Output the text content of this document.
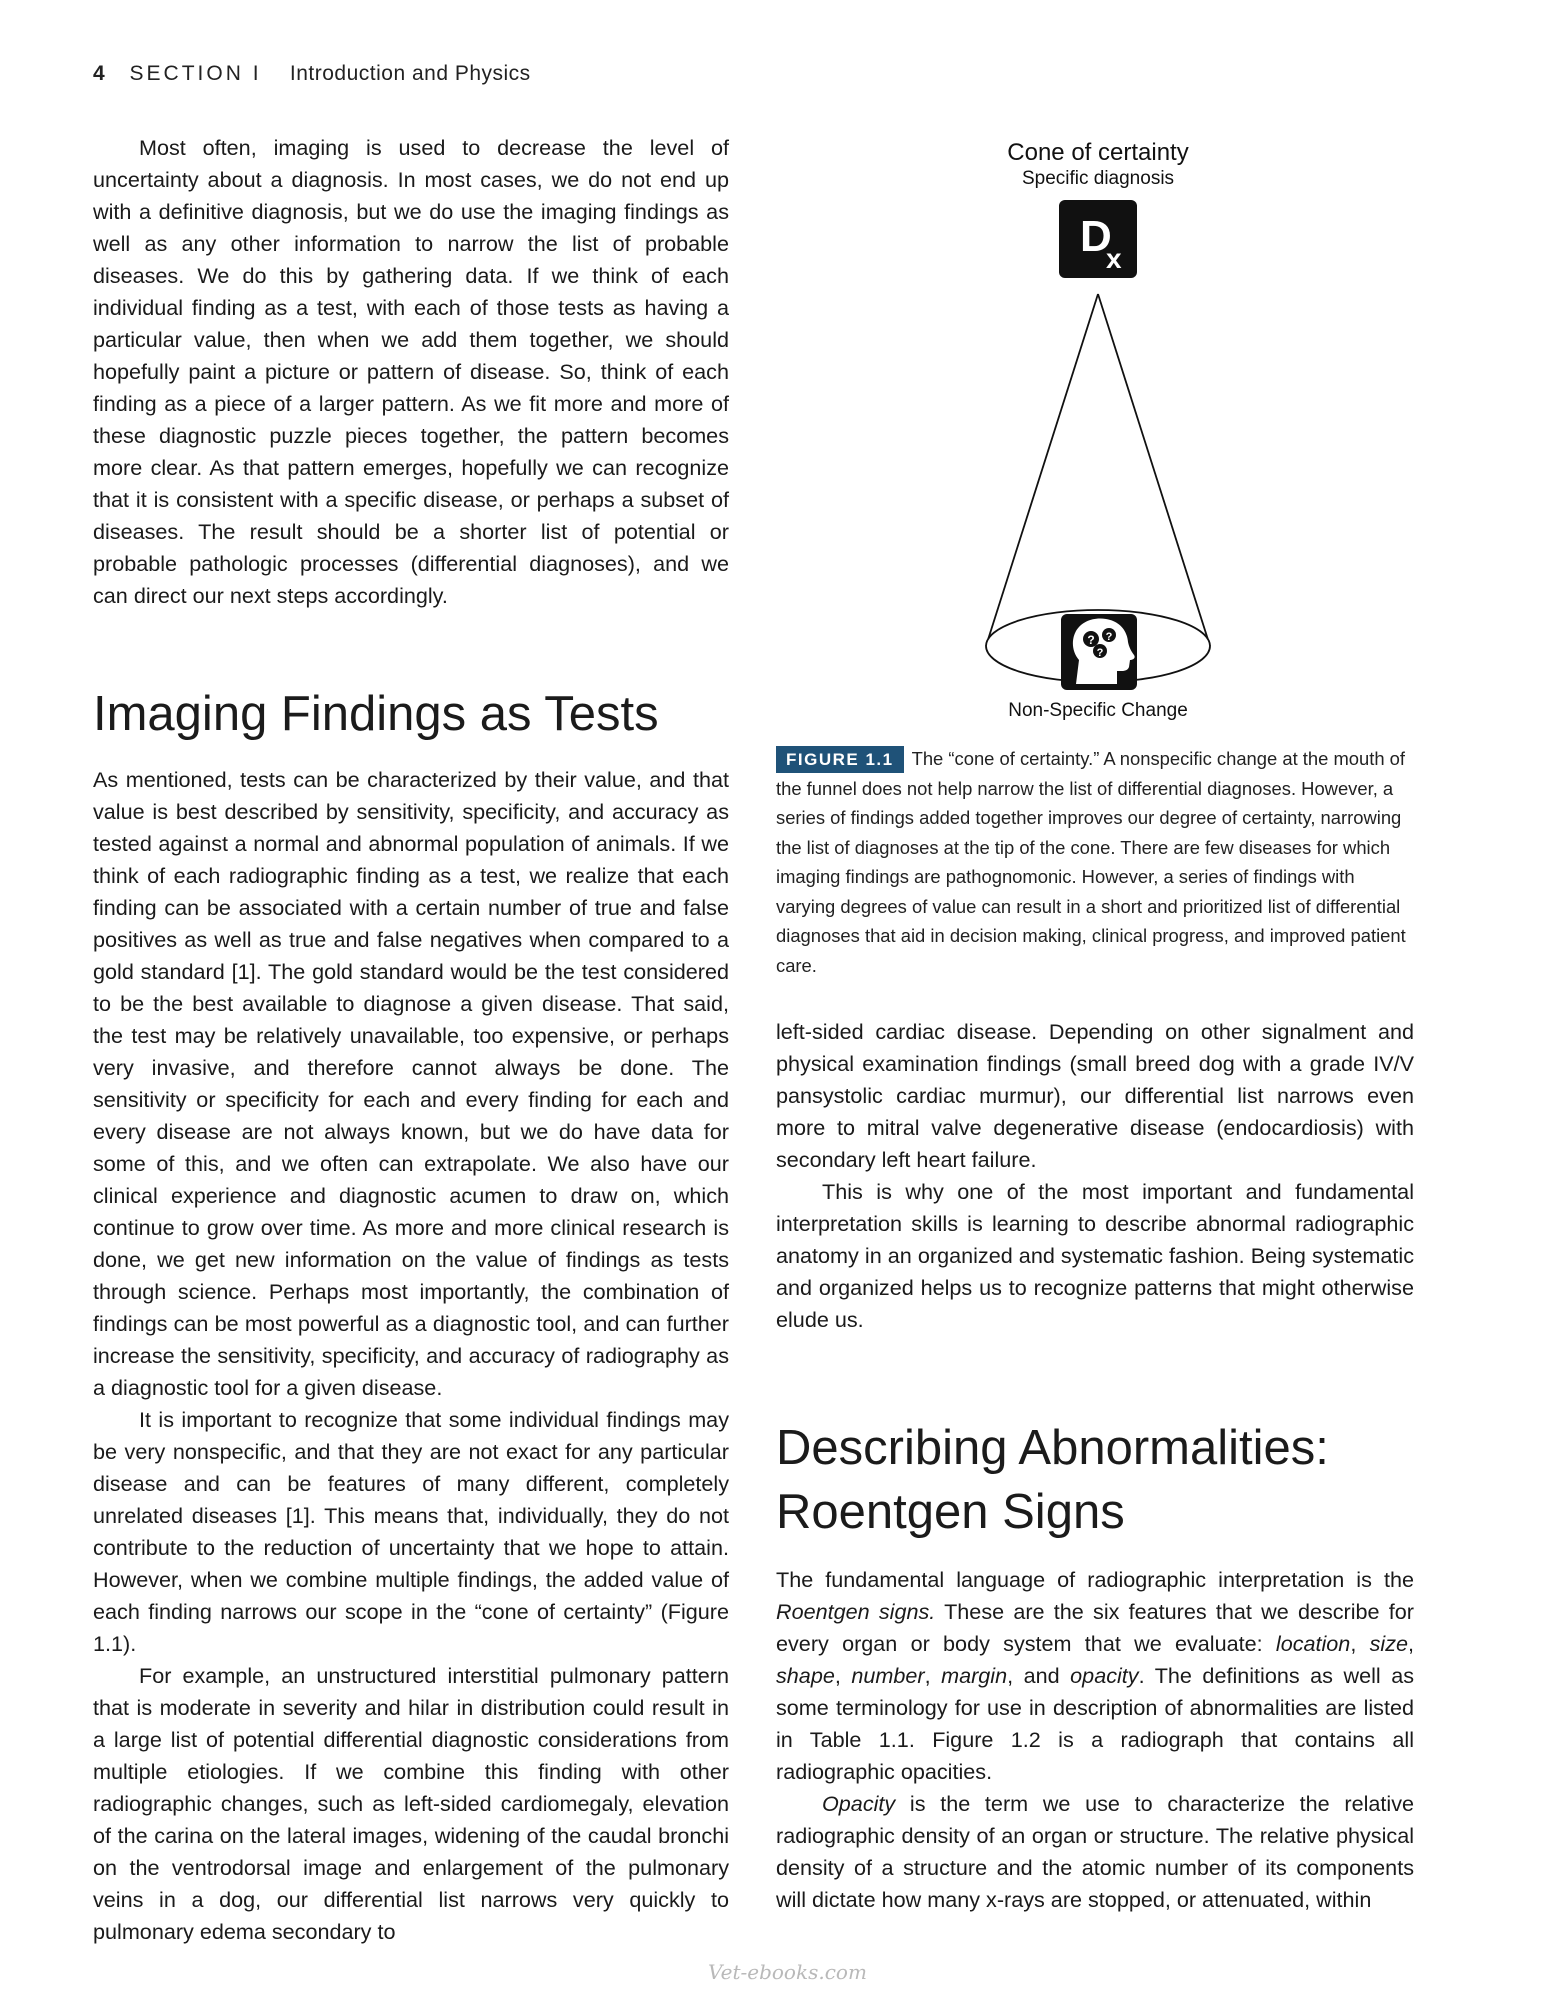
4 SECTION I Introduction and Physics

Most often, imaging is used to decrease the level of uncertainty about a diagnosis. In most cases, we do not end up with a definitive diagnosis, but we do use the imaging findings as well as any other information to narrow the list of probable diseases. We do this by gathering data. If we think of each individual finding as a test, with each of those tests as having a particular value, then when we add them together, we should hopefully paint a picture or pattern of disease. So, think of each finding as a piece of a larger pattern. As we fit more and more of these diagnostic puzzle pieces together, the pattern becomes more clear. As that pattern emerges, hopefully we can recognize that it is consistent with a specific disease, or perhaps a subset of diseases. The result should be a shorter list of potential or probable pathologic processes (differential diagnoses), and we can direct our next steps accordingly.

Imaging Findings as Tests

As mentioned, tests can be characterized by their value, and that value is best described by sensitivity, specificity, and accuracy as tested against a normal and abnormal population of animals. If we think of each radiographic finding as a test, we realize that each finding can be associated with a certain number of true and false positives as well as true and false negatives when compared to a gold standard [1]. The gold standard would be the test considered to be the best available to diagnose a given disease. That said, the test may be relatively unavailable, too expensive, or perhaps very invasive, and therefore cannot always be done. The sensitivity or specificity for each and every finding for each and every disease are not always known, but we do have data for some of this, and we often can extrapolate. We also have our clinical experience and diagnostic acumen to draw on, which continue to grow over time. As more and more clinical research is done, we get new information on the value of findings as tests through science. Perhaps most importantly, the combination of findings can be most powerful as a diagnostic tool, and can further increase the sensitivity, specificity, and accuracy of radiography as a diagnostic tool for a given disease.

It is important to recognize that some individual findings may be very nonspecific, and that they are not exact for any particular disease and can be features of many different, completely unrelated diseases [1]. This means that, individually, they do not contribute to the reduction of uncertainty that we hope to attain. However, when we combine multiple findings, the added value of each finding narrows our scope in the “cone of certainty” (Figure 1.1).

For example, an unstructured interstitial pulmonary pattern that is moderate in severity and hilar in distribution could result in a large list of potential differential diagnostic considerations from multiple etiologies. If we combine this finding with other radiographic changes, such as left-sided cardiomegaly, elevation of the carina on the lateral images, widening of the caudal bronchi on the ventrodorsal image and enlargement of the pulmonary veins in a dog, our differential list narrows very quickly to pulmonary edema secondary to

Cone of certainty
Specific diagnosis
D
x
? ?
?
Non-Specific Change
FIGURE 1.1 The “cone of certainty.” A nonspecific change at the mouth of the funnel does not help narrow the list of differential diagnoses. However, a series of findings added together improves our degree of certainty, narrowing the list of diagnoses at the tip of the cone. There are few diseases for which imaging findings are pathognomonic. However, a series of findings with varying degrees of value can result in a short and prioritized list of differential diagnoses that aid in decision making, clinical progress, and improved patient care.

left-sided cardiac disease. Depending on other signalment and physical examination findings (small breed dog with a grade IV/V pansystolic cardiac murmur), our differential list narrows even more to mitral valve degenerative disease (endocardiosis) with secondary left heart failure.

This is why one of the most important and fundamental interpretation skills is learning to describe abnormal radiographic anatomy in an organized and systematic fashion. Being systematic and organized helps us to recognize patterns that might otherwise elude us.

Describing Abnormalities:
Roentgen Signs

The fundamental language of radiographic interpretation is the Roentgen signs. These are the six features that we describe for every organ or body system that we evaluate: location, size, shape, number, margin, and opacity. The definitions as well as some terminology for use in description of abnormalities are listed in Table 1.1. Figure 1.2 is a radiograph that contains all radiographic opacities.

Opacity is the term we use to characterize the relative radiographic density of an organ or structure. The relative physical density of a structure and the atomic number of its components will dictate how many x-rays are stopped, or attenuated, within

Vet-ebooks.com
